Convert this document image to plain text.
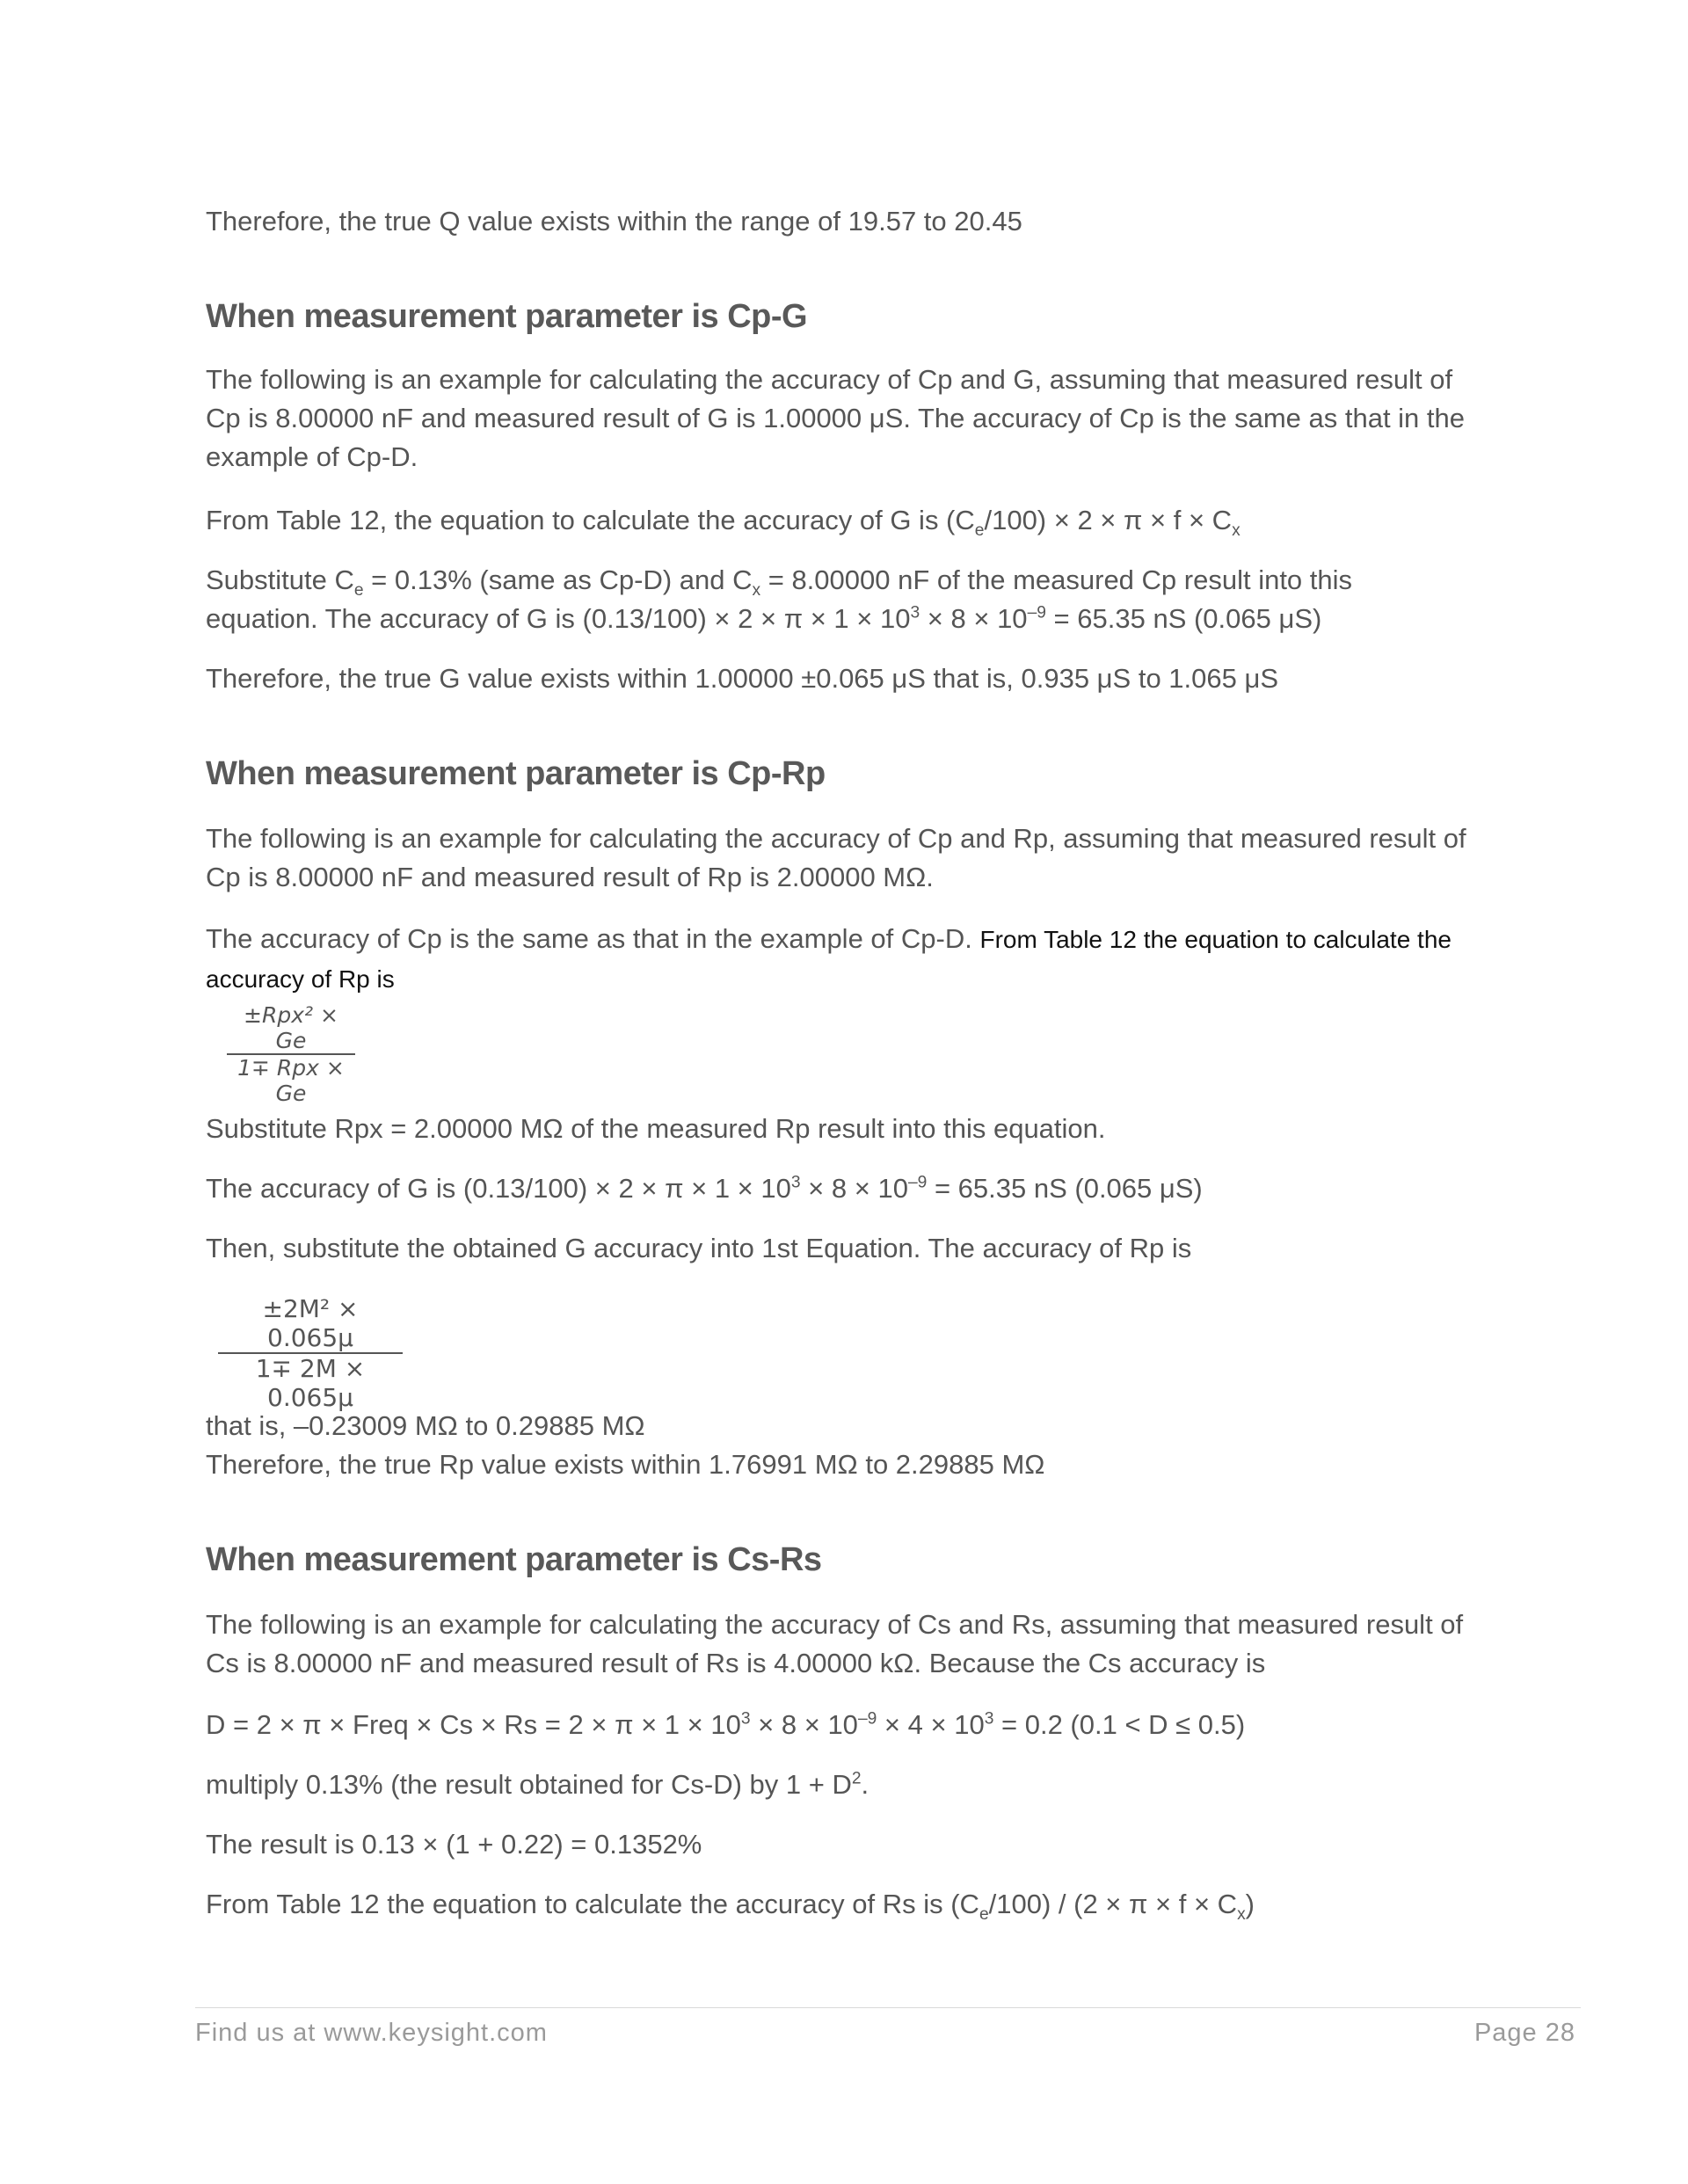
Therefore, the true Q value exists within the range of 19.57 to 20.45

When measurement parameter is Cp-G

The following is an example for calculating the accuracy of Cp and G, assuming that measured result of Cp is 8.00000 nF and measured result of G is 1.00000 μS. The accuracy of Cp is the same as that in the example of Cp-D.

From Table 12, the equation to calculate the accuracy of G is $(C_e/100) \times 2 \times \pi \times f \times C_x$

Substitute $C_e = 0.13\%$ (same as Cp-D) and $C_x = 8.00000$ nF of the measured Cp result into this equation. The accuracy of G is $(0.13/100) \times 2 \times \pi \times 1 \times 10^3 \times 8 \times 10^{-9} = 65.35$ nS (0.065 μS)

Therefore, the true G value exists within 1.00000 ±0.065 μS that is, 0.935 μS to 1.065 μS

When measurement parameter is Cp-Rp

The following is an example for calculating the accuracy of Cp and Rp, assuming that measured result of Cp is 8.00000 nF and measured result of Rp is 2.00000 MΩ.

The accuracy of Cp is the same as that in the example of Cp-D. From Table 12 the equation to calculate the accuracy of Rp is

±Rpx² × Ge
1∓ Rpx × Ge

Substitute Rpx = 2.00000 MΩ of the measured Rp result into this equation.

The accuracy of G is $(0.13/100) \times 2 \times \pi \times 1 \times 10^3 \times 8 \times 10^{-9} = 65.35$ nS (0.065 μS)

Then, substitute the obtained G accuracy into 1st Equation. The accuracy of Rp is

±2M² × 0.065μ
1∓ 2M × 0.065μ

that is, –0.23009 MΩ to 0.29885 MΩ

Therefore, the true Rp value exists within 1.76991 MΩ to 2.29885 MΩ

When measurement parameter is Cs-Rs

The following is an example for calculating the accuracy of Cs and Rs, assuming that measured result of Cs is 8.00000 nF and measured result of Rs is 4.00000 kΩ. Because the Cs accuracy is

D = 2 × π × Freq × $Cs \times Rs = 2 \times \pi \times 1 \times 10^3 \times 8 \times 10^{-9} \times 4 \times 10^3 = 0.2$ (0.1 < D ≤ 0.5)

multiply 0.13% (the result obtained for Cs-D) by $1 + D^2$.

The result is 0.13 × (1 + 0.22) = 0.1352%

From Table 12 the equation to calculate the accuracy of Rs is $(C_e/100) / (2 \times \pi \times f \times C_x)$

Find us at www.keysight.com	Page 28
